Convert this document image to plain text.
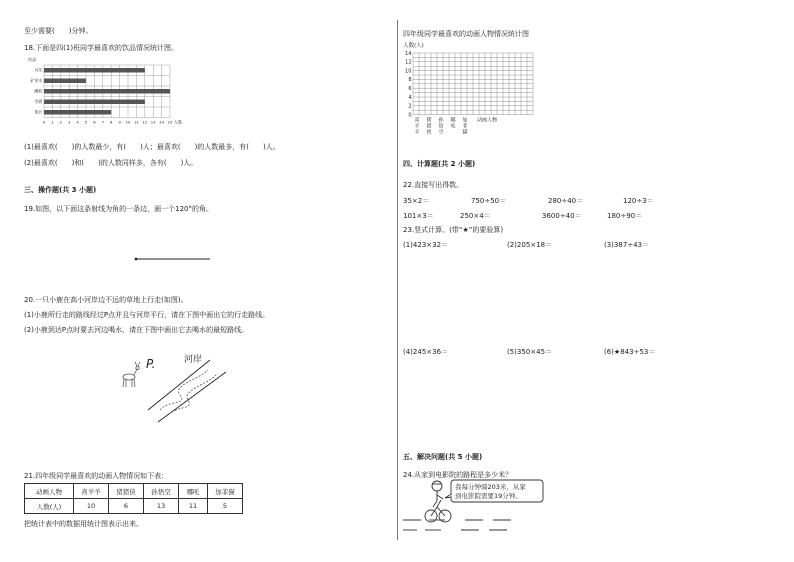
至少需要(　　)分钟。
18.下面是四(1)班同学最喜欢的饮品情况统计图。
饮品
可乐
矿泉水
酸奶
雪碧
果汁
0 1 2 3 4 5 6 7 8 9 10 11 12 13 14 15 人数
(1)最喜欢(　　)的人数最少，有(　　)人；最喜欢(　　)的人数最多，有(　　)人。
(2)最喜欢(　　)和(　　)的人数同样多，各有(　　)人。
三、操作题(共 3 小题)
19.如图，以下面这条射线为角的一条边，画一个120°的角。
20.一只小鹿在高小河岸边不远的草地上行走(如图)。
(1)小鹿所行走的路线经过P点并且与河岸平行，请在下图中画出它的行走路线。
(2)小鹿到达P点时要去河边喝水，请在下图中画出它去喝水的最短路线。
P.	河岸
21.四年级同学最喜欢的动画人物情况如下表：
动画人物	喜羊羊	猪猪侠	孙悟空	哪吒	加菲猫
人数(人)	10	6	13	11	5
把统计表中的数据用统计图表示出来。
四年级同学最喜欢的动画人物情况统计图
人数(人)
14
12
10
8
6
4
2
0
喜
羊
羊
猪
猪
侠
孙
悟
空
哪
吒
加
菲
猫
动画人物
四、计算题(共 2 小题)
22.直接写出得数。
35×2＝	750÷50＝	280÷40＝	120÷3＝
101×3＝	250×4＝	3600÷40＝	180÷90＝
23.竖式计算。(带“★”的要验算)
(1)423×32＝	(2)205×18＝	(3)387÷43＝
(4)245×36＝	(5)350×45＝	(6)★843÷53＝
五、解决问题(共 5 小题)
24.从家到电影院的路程是多少米？
我每分钟骑203米，从家
到电影院需要19分钟。
